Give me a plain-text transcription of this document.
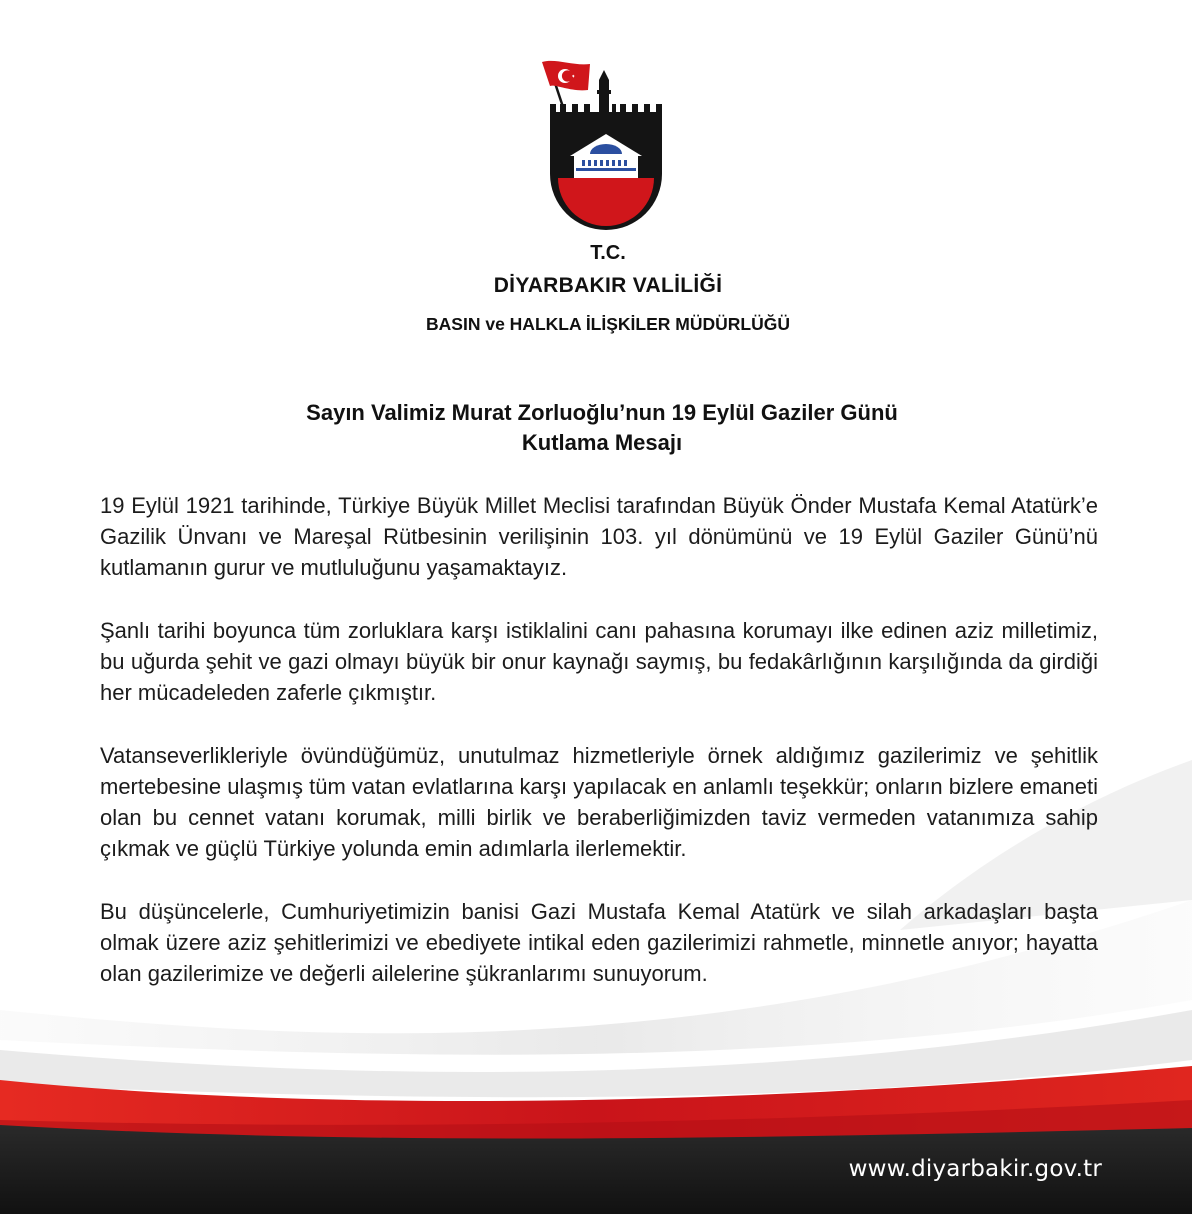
T.C.
DİYARBAKIR VALİLİĞİ
BASIN ve HALKLA İLİŞKİLER MÜDÜRLÜĞÜ
Sayın Valimiz Murat Zorluoğlu’nun 19 Eylül Gaziler Günü
Kutlama Mesajı

19 Eylül 1921 tarihinde, Türkiye Büyük Millet Meclisi tarafından Büyük Önder Mustafa Kemal Atatürk’e Gazilik Ünvanı ve Mareşal Rütbesinin verilişinin 103. yıl dönümünü ve 19 Eylül Gaziler Günü’nü kutlamanın gurur ve mutluluğunu yaşamaktayız.

Şanlı tarihi boyunca tüm zorluklara karşı istiklalini canı pahasına korumayı ilke edinen aziz milletimiz, bu uğurda şehit ve gazi olmayı büyük bir onur kaynağı saymış, bu fedakârlığının karşılığında da girdiği her mücadeleden zaferle çıkmıştır.

Vatanseverlikleriyle övündüğümüz, unutulmaz hizmetleriyle örnek aldığımız gazilerimiz ve şehitlik mertebesine ulaşmış tüm vatan evlatlarına karşı yapılacak en anlamlı teşekkür; onların bizlere emaneti olan bu cennet vatanı korumak, milli birlik ve beraberliğimizden taviz vermeden vatanımıza sahip çıkmak ve güçlü Türkiye yolunda emin adımlarla ilerlemektir.

Bu düşüncelerle, Cumhuriyetimizin banisi Gazi Mustafa Kemal Atatürk ve silah arkadaşları başta olmak üzere aziz şehitlerimizi ve ebediyete intikal eden gazilerimizi rahmetle, minnetle anıyor; hayatta olan gazilerimize ve değerli ailelerine şükranlarımı sunuyorum.

www.diyarbakir.gov.tr
